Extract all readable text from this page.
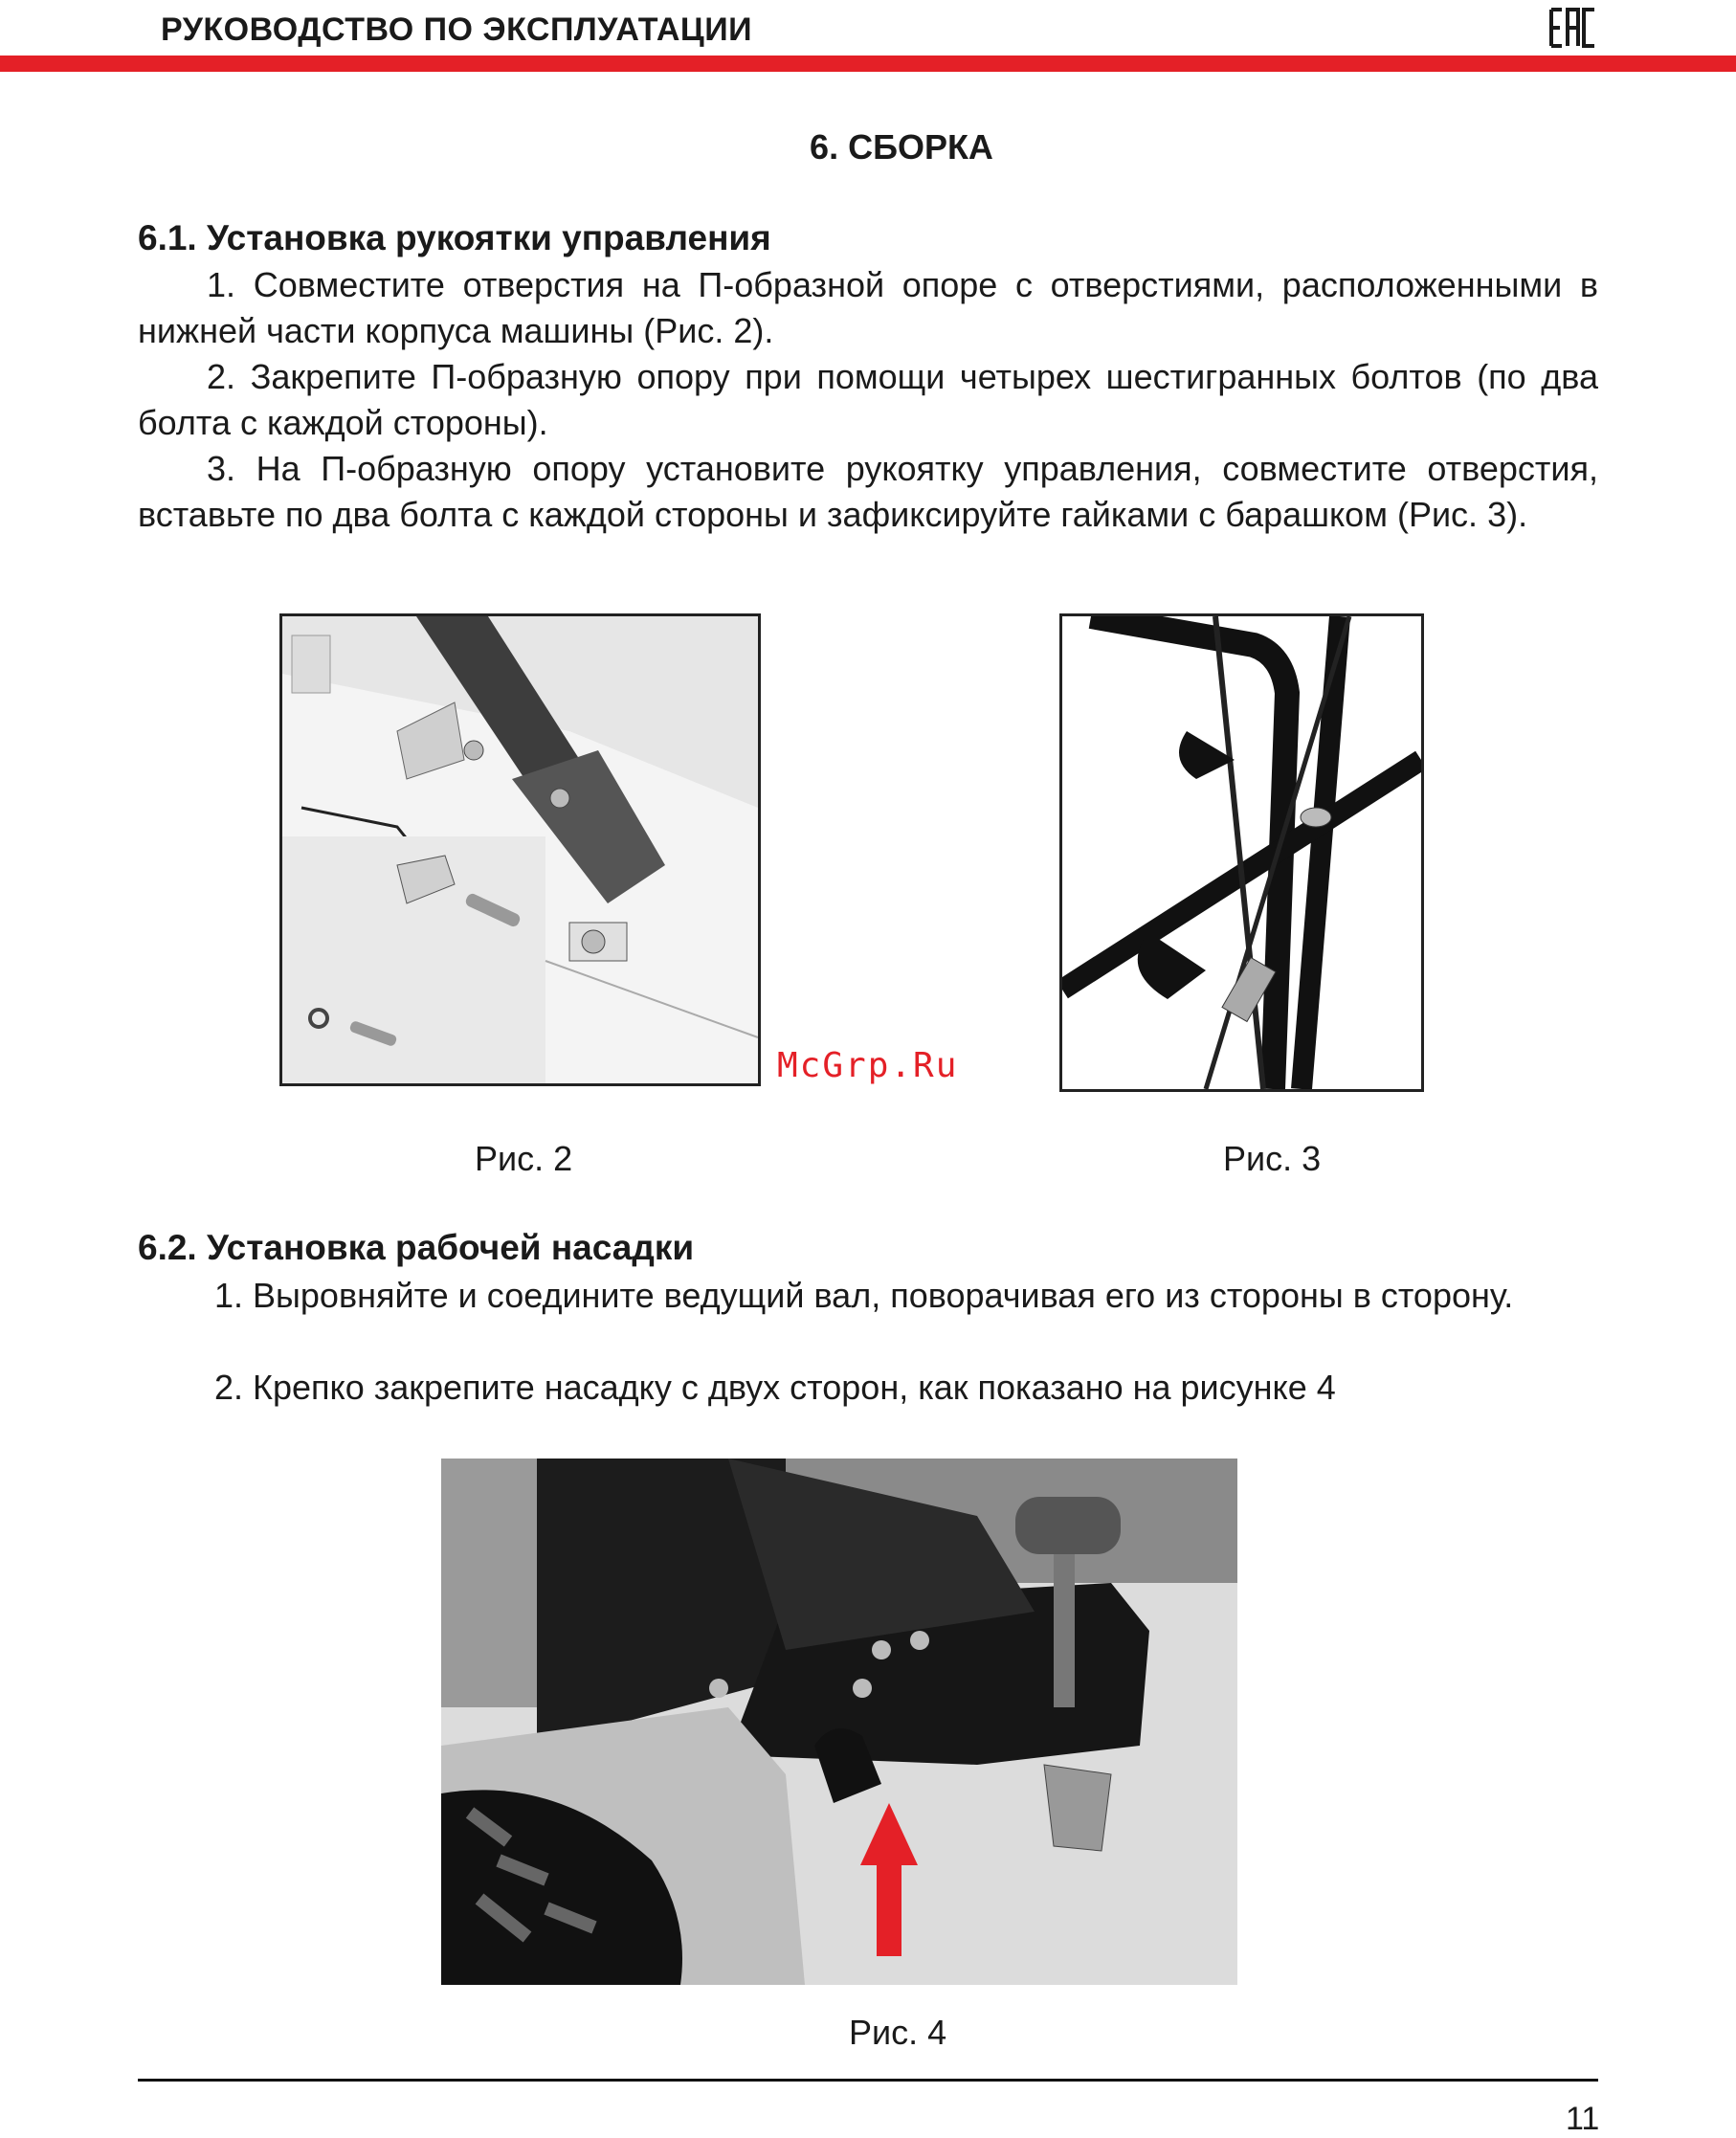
РУКОВОДСТВО ПО ЭКСПЛУАТАЦИИ
6. СБОРКА
6.1. Установка рукоятки управления
1. Совместите отверстия на П-образной опоре с отверстиями, расположенными в нижней части корпуса машины (Рис. 2).
2. Закрепите П-образную опору при помощи четырех шестигранных болтов (по два болта с каждой стороны).
3. На П-образную опору установите рукоятку управления, совместите отверстия, вставьте по два болта с каждой стороны и зафиксируйте гайками с барашком (Рис. 3).
McGrp.Ru
Рис. 2	Рис. 3
6.2. Установка рабочей насадки
1. Выровняйте и соедините ведущий вал, поворачивая его из стороны в сторону.
2. Крепко закрепите насадку с двух сторон, как показано на рисунке 4
Рис. 4
11
